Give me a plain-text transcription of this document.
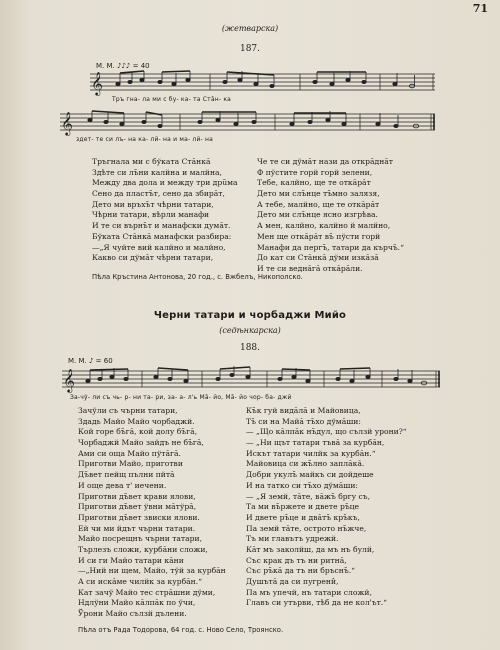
71
(жетварска)
187.
M. M. ♪♪♪ = 40
𝄞
Тръ гна- ла ми с бу- ка- та Стăн- ка
𝄞
здет- те си лъ- на ка- лй- на и ма- лй- на
Тръгнала ми с бўката Стăнкă
Здѣте си лъ̆ни калйна и малйна,
Между два дола и между три дрŭма
Сено да пластъ̆т, сено да збирăт,
Дето ми връхъ̆т чѣрни татари,
Чѣрни татари, вѣрли манафи
И те си върнъ̆т и манафски думăт.
Бўката Стăнкă манафски разбира:
—„Я чуйте вий калйно и малйно,
Какво си дўмăт чѣрни татари,
Че те си дўмăт нази да открăднăт
Ф пўстите горй горй зелени,
Тебе, калйно, ще те откăрăт
Дето ми слъ̆нце тъ̆мно залязя,
А тебе, малйно, ще те откăрăт
Дето ми слъ̆нце ясно изгрѣва.
А мен, калйно, калйно й малйно,
Мен ще откăрăт въ̆ пўсти горй
Манафи да пергъ̆, татари да кърчъ̆.“
До кат си Стăнкă дўми изкăзă
И те си веднăгă откăрăли.
Пѣла Кръстина Антонова, 20 год., с. Вжбелъ, Никополско.
Черни татари и чорбаджи Мийо
(седѣнкарска)
188.
M. M. ♪ = 60
𝄞
За-чў- ли съ чь- р- ни та- ри, за- а- л'ь Мă- йо, Мă- йо чор- ба- джй
Зачўли съ чърни татари,
Здадь Майо Майо чорбаджй.
Кой горе бъ̆гă, кой долу бъ̆гă,
Чорбаджй Майо зайдъ не бъ̆гă,
Ами си оща Майо пўтăгă.
Приготви Майо, приготви
Дъ̆вет пейщ пълни пйтă
И още дева т' иечени.
Приготви дъ̆вет крави ялови,
Приготви дъ̆вет ўвни мăтўрă,
Приготви дъ̆вет звиски ялови.
Ей чи ми йдът чърни татари.
Майо посрещнъ чърни татари,
Търлезъ сложи, курбăни сложи,
И си ги Майо татари кăни
—„Ний ни щем, Майо, тўй за курбăн
А си искăме чилйк за курбăн.“
Кат зачў Майо тес стрăшни дўми,
Ндлўни Майо кăлпăк по ўчи,
Ўрони Майо сълзй дълени.
Къ̆к гуй видăлă и Майовица,
Тъ̆ си на Майă тъ̆хо дўмăши:
— „Що кăлпăк нъ̆дул, що сълзй урони?“
— „Ни щът татари тъвă за курбăн,
Искът татари чилйк за курбăн.“
Майовица си жъ̆лно заплăкă.
Добри укулъ̆ майкъ си дойдеше
И на татко си тъ̆хо дўмăши:
— „Я земй, тăте, вăжъ̆ бргу съ,
Та ми въ̆ржете и двете ръ̆це
И двете ръ̆це и двăтъ̆ кръ̆къ,
Па земй тăте, острото нъ̆жче,
Тъ ми главътъ удрежй.
Кăт мъ заколйш, да мъ нъ булй,
Със крак дъ тъ ни ритнă,
Със ръ̆кă да тъ ни бръснъ̆.“
Душътă да си пугрени̂,
Па мъ упечй, нъ татари сложй,
Главъ си утърви, тѣб да не кол'ът.“
Пѣла отъ Рада Тодорова, 64 год. с. Ново Село, Троянско.
